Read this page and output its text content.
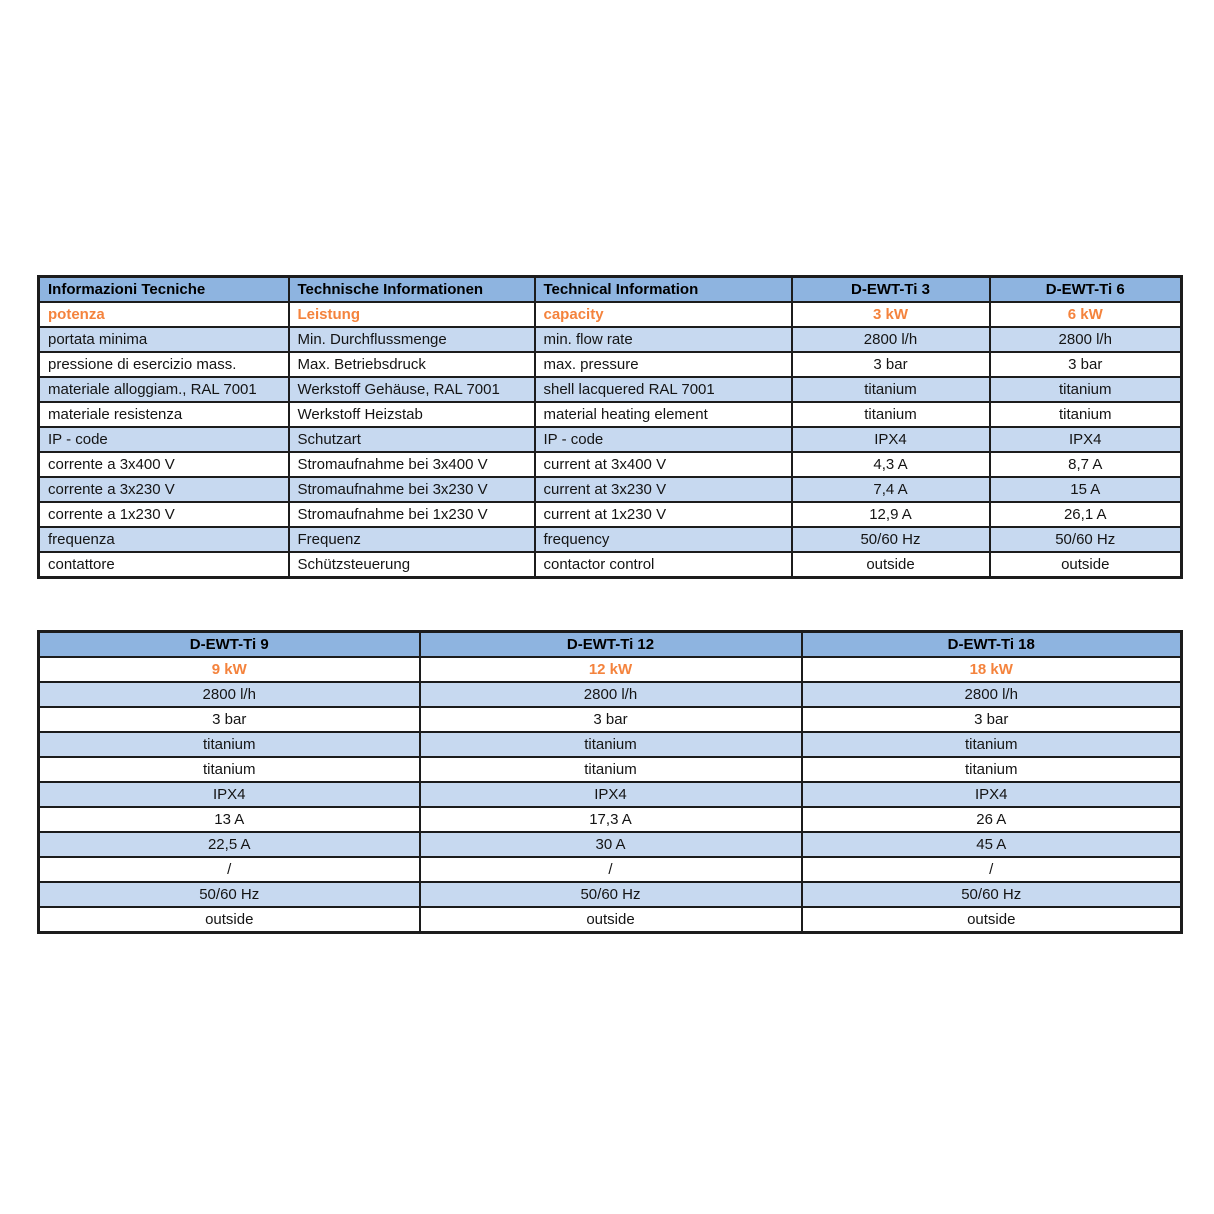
Informazioni Tecniche	Technische Informationen	Technical Information	D-EWT-Ti 3	D-EWT-Ti 6
potenza	Leistung	capacity	3 kW	6 kW
portata minima	Min. Durchflussmenge	min. flow rate	2800 l/h	2800 l/h
pressione di esercizio mass.	Max. Betriebsdruck	max. pressure	3 bar	3 bar
materiale alloggiam., RAL 7001	Werkstoff Gehäuse, RAL 7001	shell lacquered RAL 7001	titanium	titanium
materiale resistenza	Werkstoff Heizstab	material heating element	titanium	titanium
IP - code	Schutzart	IP - code	IPX4	IPX4
corrente a 3x400 V	Stromaufnahme bei 3x400 V	current at 3x400 V	4,3 A	8,7 A
corrente a 3x230 V	Stromaufnahme bei 3x230 V	current at 3x230 V	7,4 A	15 A
corrente a 1x230 V	Stromaufnahme bei 1x230 V	current at 1x230 V	12,9 A	26,1 A
frequenza	Frequenz	frequency	50/60 Hz	50/60 Hz
contattore	Schützsteuerung	contactor control	outside	outside
D-EWT-Ti 9	D-EWT-Ti 12	D-EWT-Ti 18
9 kW	12 kW	18 kW
2800 l/h	2800 l/h	2800 l/h
3 bar	3 bar	3 bar
titanium	titanium	titanium
titanium	titanium	titanium
IPX4	IPX4	IPX4
13 A	17,3 A	26 A
22,5 A	30 A	45 A
/	/	/
50/60 Hz	50/60 Hz	50/60 Hz
outside	outside	outside
